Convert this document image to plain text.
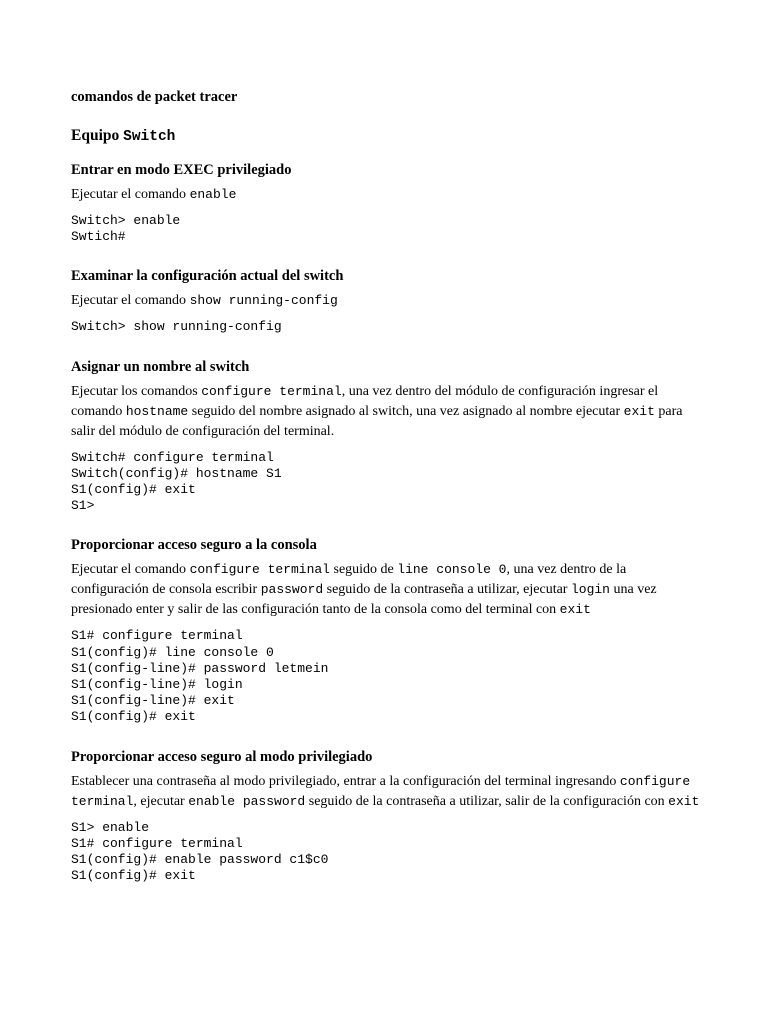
comandos de packet tracer
Equipo Switch
Entrar en modo EXEC privilegiado

Ejecutar el comando enable

Switch> enable
Swtich#
Examinar la configuración actual del switch

Ejecutar el comando show running-config

Switch> show running-config
Asignar un nombre al switch

Ejecutar los comandos configure terminal, una vez dentro del módulo de configuración ingresar el comando hostname seguido del nombre asignado al switch, una vez asignado al nombre ejecutar exit para salir del módulo de configuración del terminal.

Switch# configure terminal
Switch(config)# hostname S1
S1(config)# exit
S1>
Proporcionar acceso seguro a la consola

Ejecutar el comando configure terminal seguido de line console 0, una vez dentro de la configuración de consola escribir password seguido de la contraseña a utilizar, ejecutar login una vez presionado enter y salir de las configuración tanto de la consola como del terminal con exit

S1# configure terminal
S1(config)# line console 0
S1(config-line)# password letmein
S1(config-line)# login
S1(config-line)# exit
S1(config)# exit
Proporcionar acceso seguro al modo privilegiado

Establecer una contraseña al modo privilegiado, entrar a la configuración del terminal ingresando configure terminal, ejecutar enable password seguido de la contraseña a utilizar, salir de la configuración con exit

S1> enable
S1# configure terminal
S1(config)# enable password c1$c0
S1(config)# exit
